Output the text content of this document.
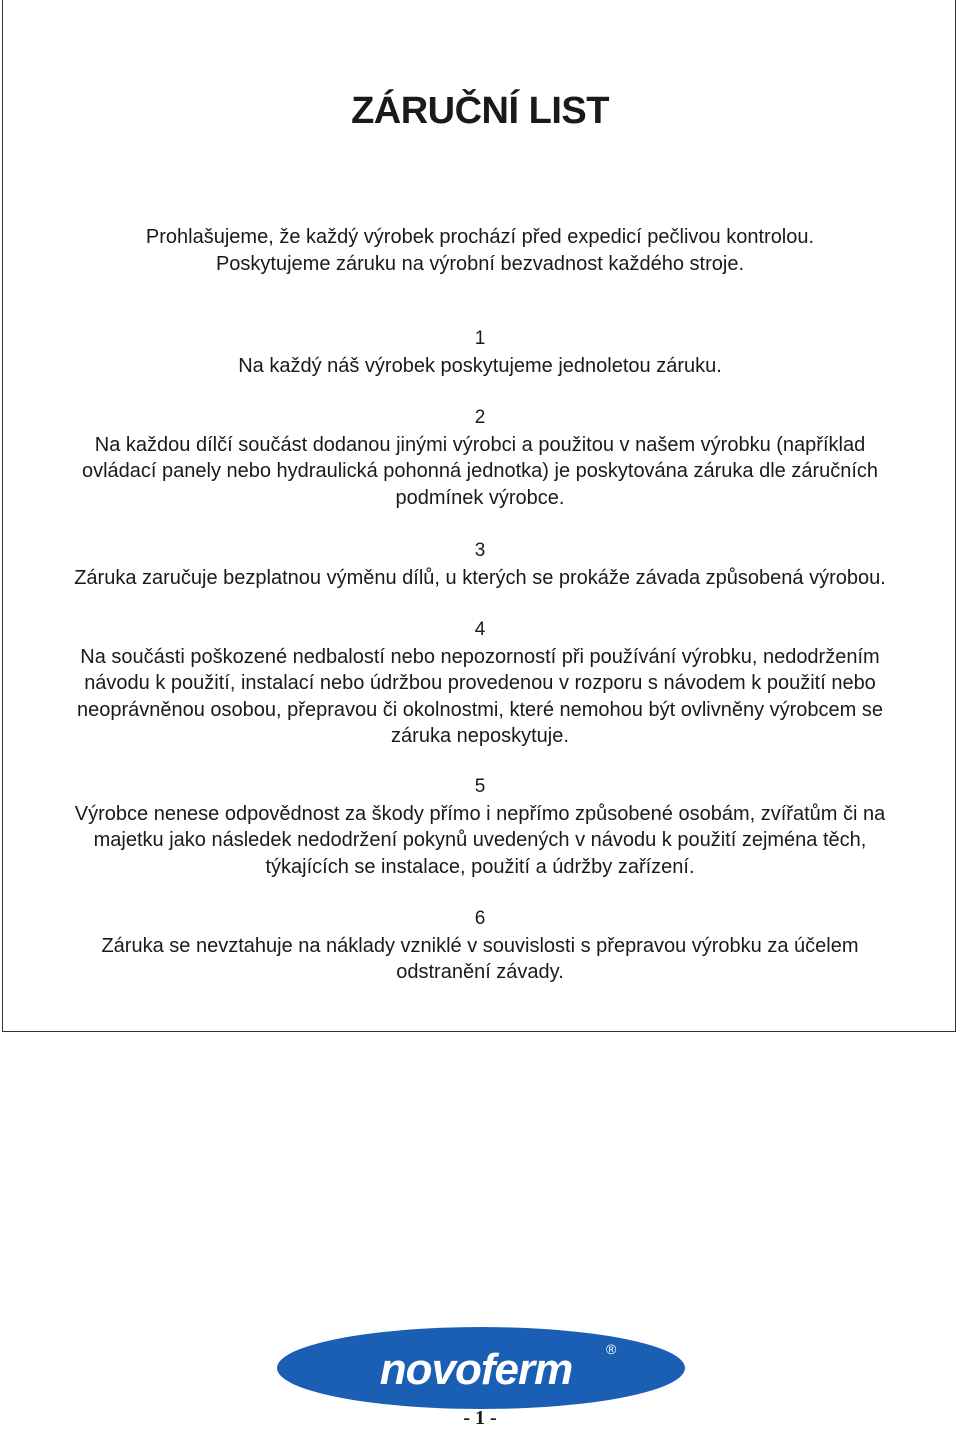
ZÁRUČNÍ LIST

Prohlašujeme, že každý výrobek prochází před expedicí pečlivou kontrolou.
Poskytujeme záruku na výrobní bezvadnost každého stroje.

1
Na každý náš výrobek poskytujeme jednoletou záruku.

2
Na každou dílčí součást dodanou jinými výrobci a použitou v našem výrobku (například
ovládací panely nebo hydraulická pohonná jednotka) je poskytována záruka dle záručních
podmínek výrobce.

3
Záruka zaručuje bezplatnou výměnu dílů, u kterých se prokáže závada způsobená výrobou.

4
Na součásti poškozené nedbalostí nebo nepozorností při používání výrobku, nedodržením
návodu k použití, instalací nebo údržbou provedenou v rozporu s návodem k použití nebo
neoprávněnou osobou, přepravou či okolnostmi, které nemohou být ovlivněny výrobcem se
záruka neposkytuje.

5
Výrobce nenese odpovědnost za škody přímo i nepřímo způsobené osobám, zvířatům či na
majetku jako následek nedodržení pokynů uvedených v návodu k použití zejména těch,
týkajících se instalace, použití a údržby zařízení.

6
Záruka se nevztahuje na náklady vzniklé v souvislosti s přepravou výrobku za účelem
odstranění závady.

novoferm ®
- 1 -
